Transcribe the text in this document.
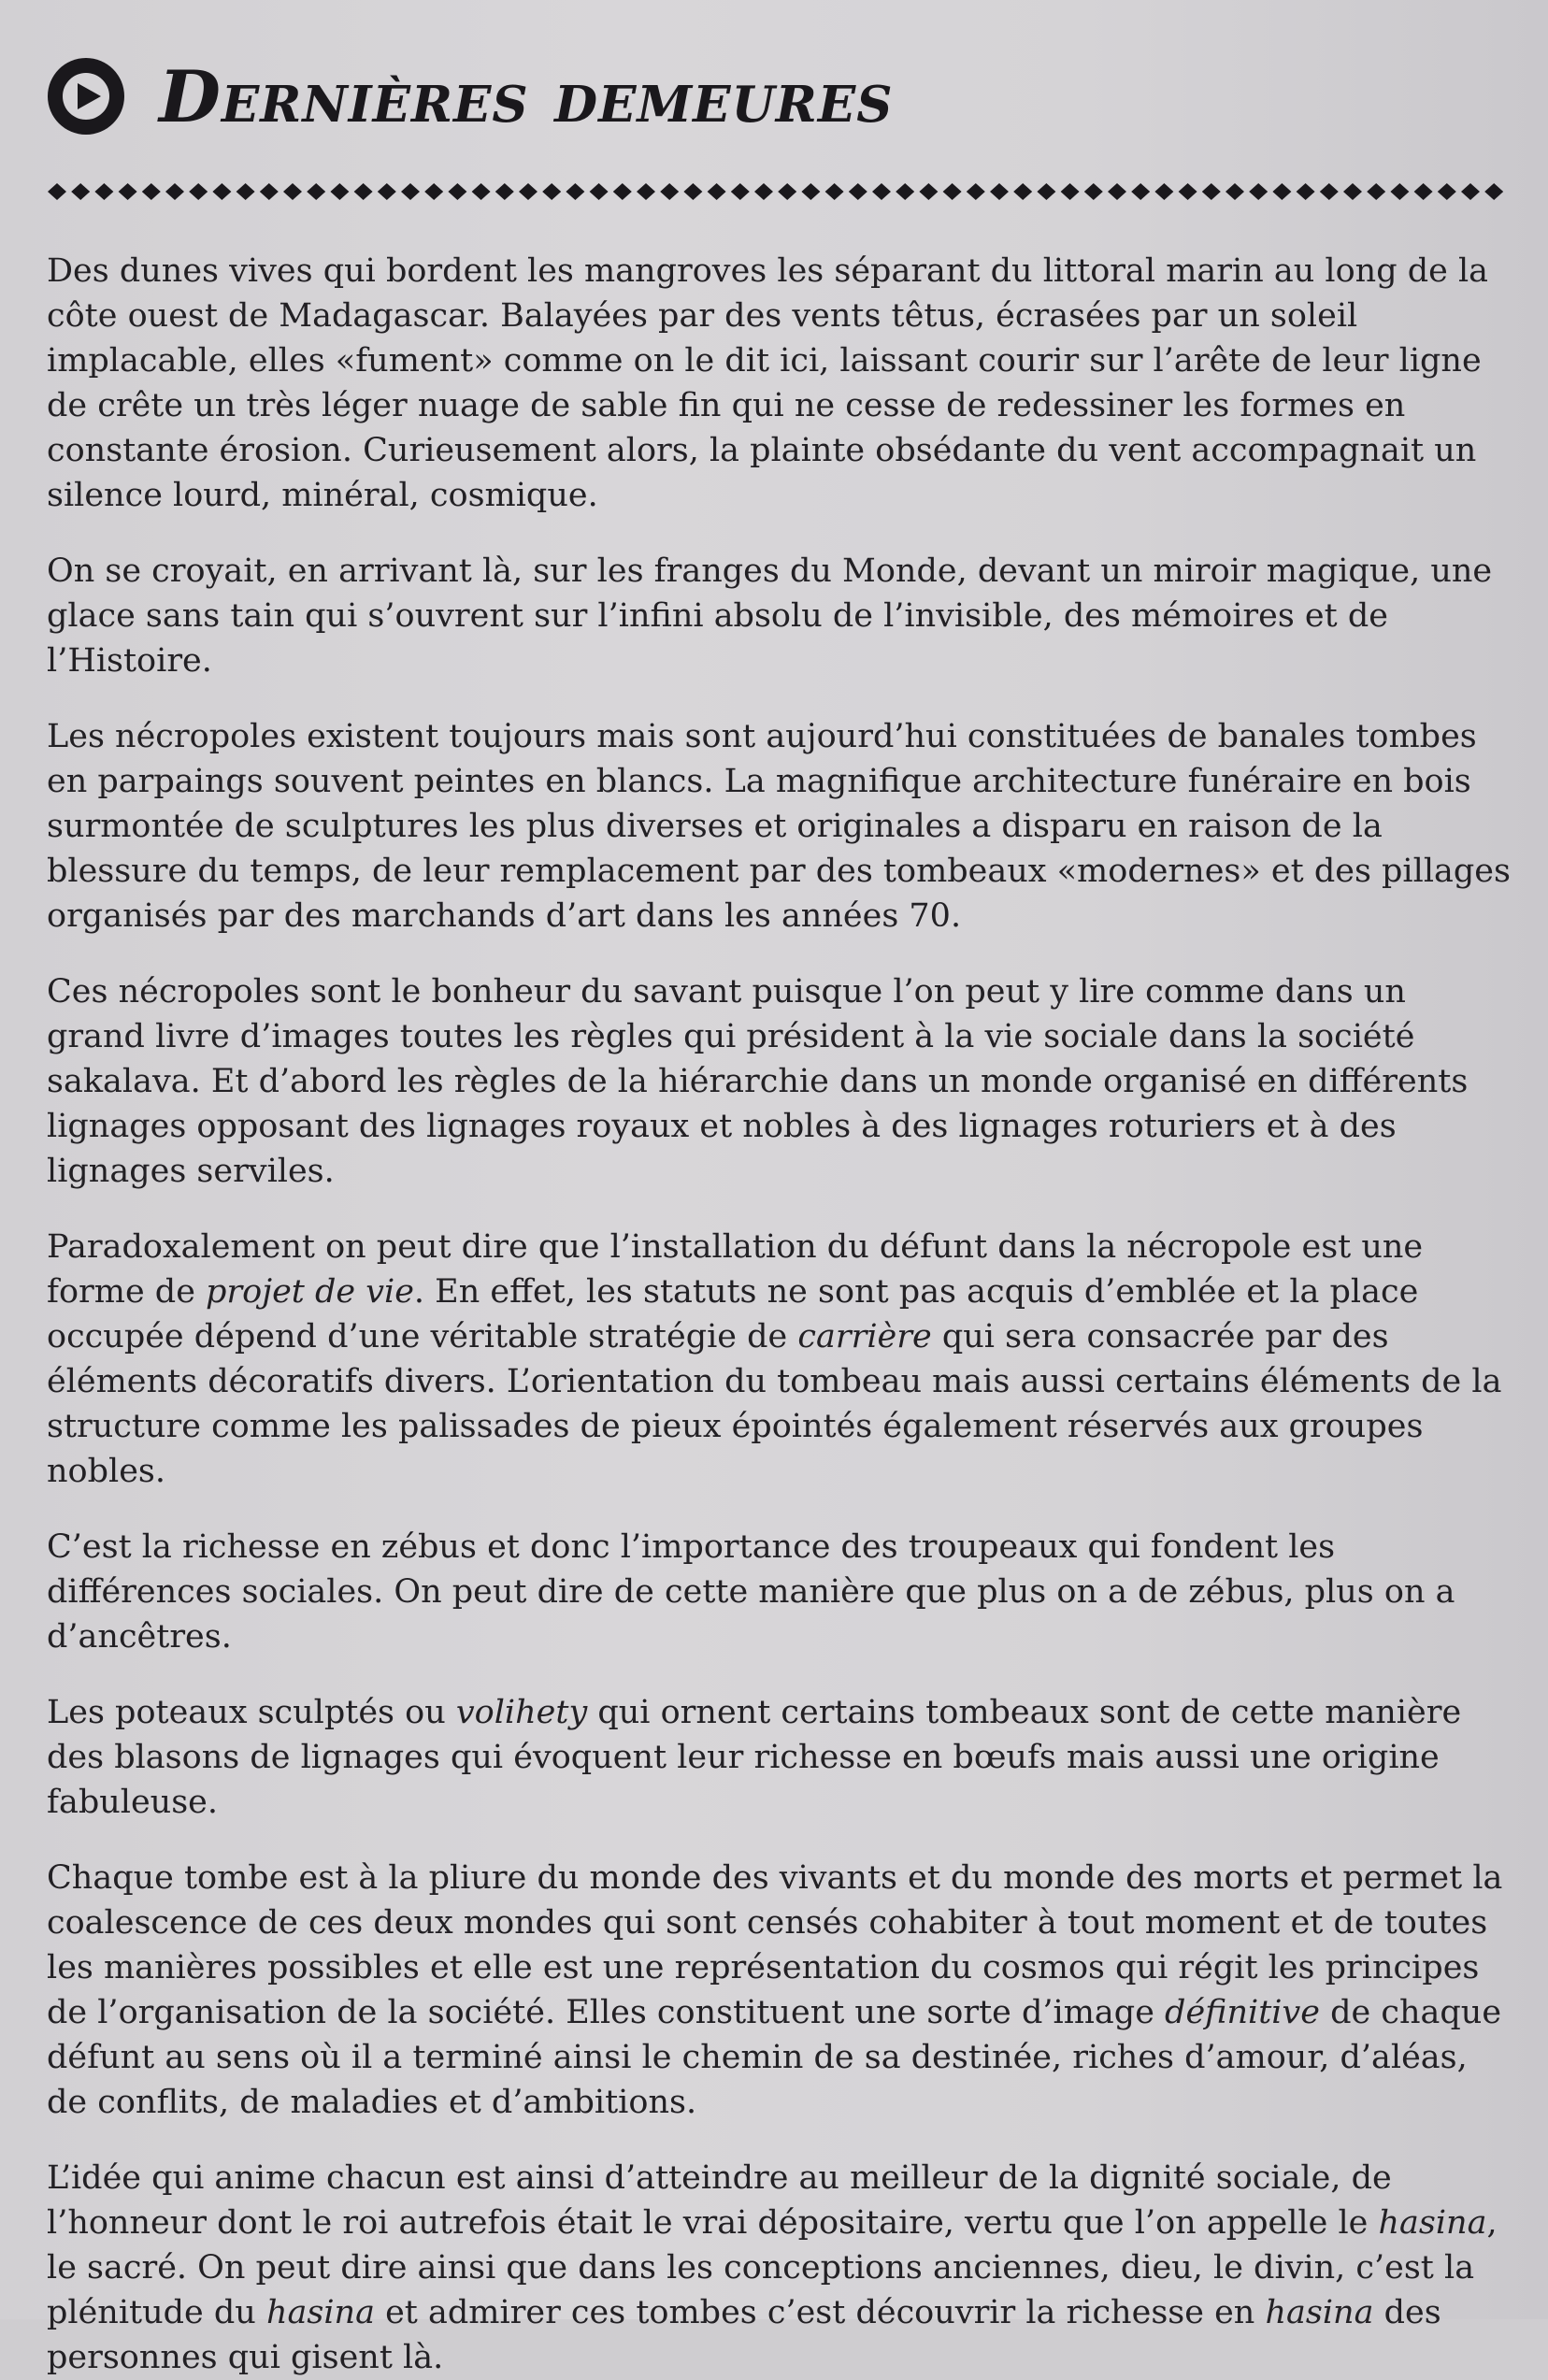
Dernières demeures

Des dunes vives qui bordent les mangroves les séparant du littoral marin au long de la côte ouest de Madagascar. Balayées par des vents têtus, écrasées par un soleil implacable, elles «fument» comme on le dit ici, laissant courir sur l’arête de leur ligne de crête un très léger nuage de sable fin qui ne cesse de redessiner les formes en constante érosion. Curieusement alors, la plainte obsédante du vent accompagnait un silence lourd, minéral, cosmique.

On se croyait, en arrivant là, sur les franges du Monde, devant un miroir magique, une glace sans tain qui s’ouvrent sur l’infini absolu de l’invisible, des mémoires et de l’Histoire.

Les nécropoles existent toujours mais sont aujourd’hui constituées de banales tombes en parpaings souvent peintes en blancs. La magnifique architecture funéraire en bois surmontée de sculptures les plus diverses et originales a disparu en raison de la blessure du temps, de leur remplacement par des tombeaux «modernes» et des pillages organisés par des marchands d’art dans les années 70.

Ces nécropoles sont le bonheur du savant puisque l’on peut y lire comme dans un grand livre d’images toutes les règles qui président à la vie sociale dans la société sakalava. Et d’abord les règles de la hiérarchie dans un monde organisé en différents lignages opposant des lignages royaux et nobles à des lignages roturiers et à des lignages serviles.

Paradoxalement on peut dire que l’installation du défunt dans la nécropole est une forme de projet de vie. En effet, les statuts ne sont pas acquis d’emblée et la place occupée dépend d’une véritable stratégie de carrière qui sera consacrée par des éléments décoratifs divers. L’orientation du tombeau mais aussi certains éléments de la structure comme les palissades de pieux épointés également réservés aux groupes nobles.

C’est la richesse en zébus et donc l’importance des troupeaux qui fondent les différences sociales. On peut dire de cette manière que plus on a de zébus, plus on a d’ancêtres.

Les poteaux sculptés ou volihety qui ornent certains tombeaux sont de cette manière des blasons de lignages qui évoquent leur richesse en bœufs mais aussi une origine fabuleuse.

Chaque tombe est à la pliure du monde des vivants et du monde des morts et permet la coalescence de ces deux mondes qui sont censés cohabiter à tout moment et de toutes les manières possibles et elle est une représentation du cosmos qui régit les principes de l’organisation de la société. Elles constituent une sorte d’image définitive de chaque défunt au sens où il a terminé ainsi le chemin de sa destinée, riches d’amour, d’aléas, de conflits, de maladies et d’ambitions.

L’idée qui anime chacun est ainsi d’atteindre au meilleur de la dignité sociale, de l’honneur dont le roi autrefois était le vrai dépositaire, vertu que l’on appelle le hasina, le sacré. On peut dire ainsi que dans les conceptions anciennes, dieu, le divin, c’est la plénitude du hasina et admirer ces tombes c’est découvrir la richesse en hasina des personnes qui gisent là.
